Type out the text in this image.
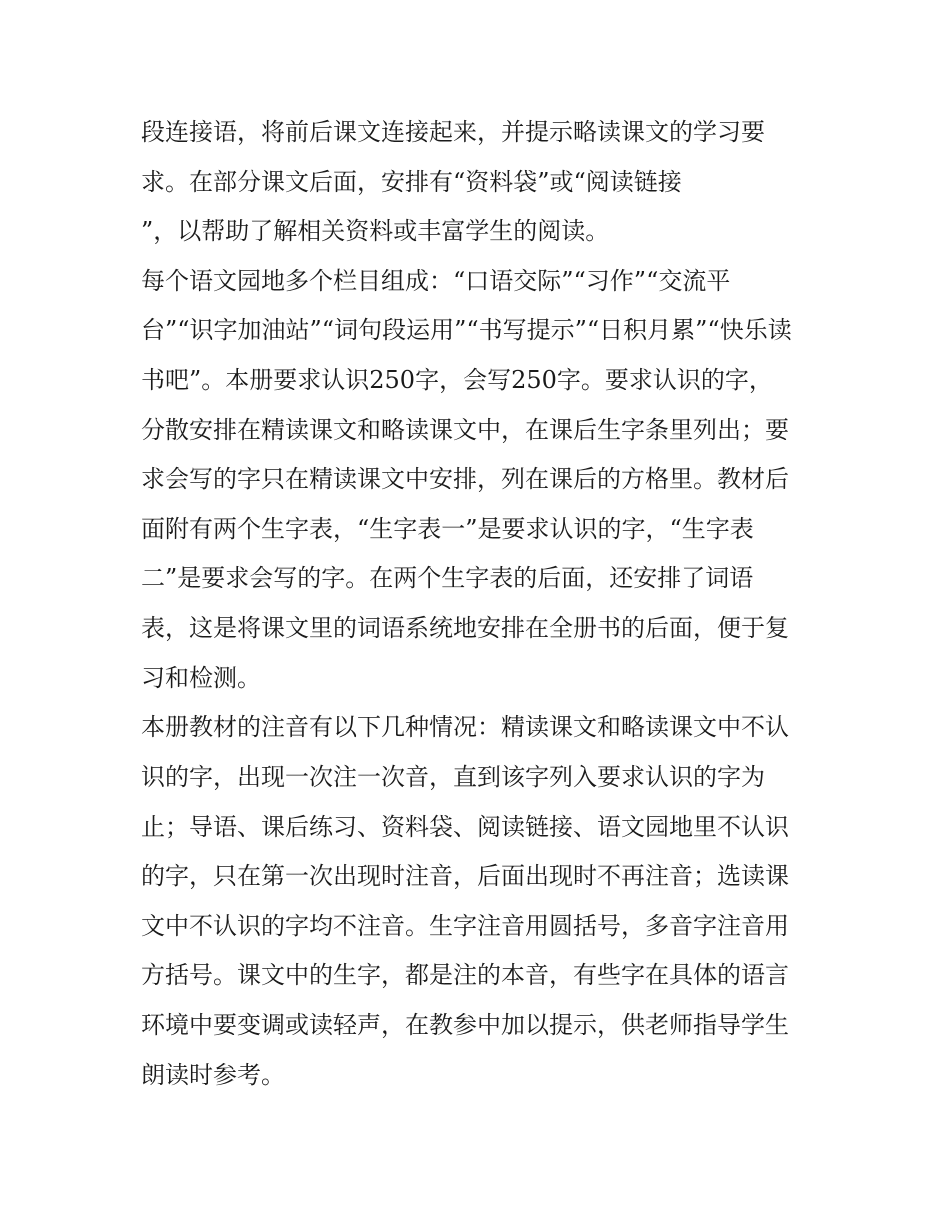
段连接语，将前后课文连接起来，并提示略读课文的学习要
求。在部分课文后面，安排有“资料袋”或“阅读链接
”，以帮助了解相关资料或丰富学生的阅读。
每个语文园地多个栏目组成：“口语交际”“习作”“交流平
台”“识字加油站”“词句段运用”“书写提示”“日积月累”“快乐读
书吧”。本册要求认识250字，会写250字。要求认识的字，
分散安排在精读课文和略读课文中，在课后生字条里列出；要
求会写的字只在精读课文中安排，列在课后的方格里。教材后
面附有两个生字表，“生字表一”是要求认识的字，“生字表
二”是要求会写的字。在两个生字表的后面，还安排了词语
表，这是将课文里的词语系统地安排在全册书的后面，便于复
习和检测。
本册教材的注音有以下几种情况：精读课文和略读课文中不认
识的字，出现一次注一次音，直到该字列入要求认识的字为
止；导语、课后练习、资料袋、阅读链接、语文园地里不认识
的字，只在第一次出现时注音，后面出现时不再注音；选读课
文中不认识的字均不注音。生字注音用圆括号，多音字注音用
方括号。课文中的生字，都是注的本音，有些字在具体的语言
环境中要变调或读轻声，在教参中加以提示，供老师指导学生
朗读时参考。
